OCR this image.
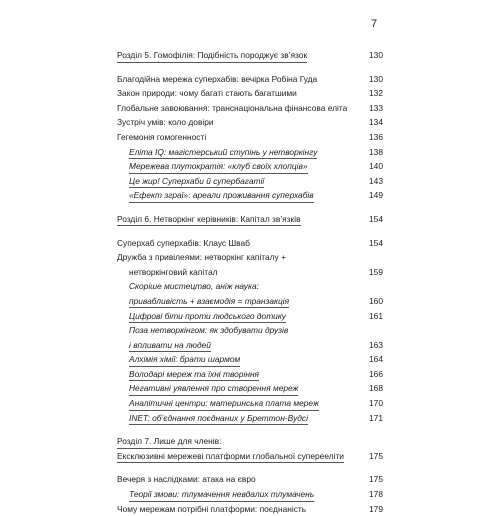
7
Розділ 5. Гомофілія: Подібність породжує зв’язок	130
Благодійна мережа суперхабів: вечірка Робіна Гуда	130
Закон природи: чому багаті стають багатшими	132
Глобальне завоювання: транснаціональна фінансова еліта	133
Зустріч умів: коло довіри	134
Гегемонія гомогенності	136
Еліта IQ: магістерський ступінь у нетворкінгу	138
Мережева плутократія: «клуб своїх хлопців»	140
Це жир! Суперхаби й супербагатії	143
«Ефект зграї»: ареали проживання суперхабів	149
Розділ 6. Нетворкінг керівників: Капітал зв’язків	154
Суперхаб суперхабів: Клаус Шваб	154
Дружба з привілеями: нетворкінг капіталу +
нетворкінговий капітал	159
Скоріше мистецтво, аніж наука:
привабливість + взаємодія = транзакція	160
Цифрові біти проти людського дотику	161
Поза нетворкінгом: як здобувати друзів
і впливати на людей	163
Алхімія хімії: брати шармом	164
Володарі мереж та їхні творіння	166
Негативні уявлення про створення мереж	168
Аналітичні центри: материнська плата мереж	170
INET: об’єднання поєднаних у Бреттон-Вудсі	171
Розділ 7. Лише для членів:
Ексклюзивні мережеві платформи глобальної суперееліти	175
Вечеря з наслідками: атака на євро	175
Теорії змови: тлумачення невдалих тлумачень	178
Чому мережам потрібні платформи: поєднаність	179
